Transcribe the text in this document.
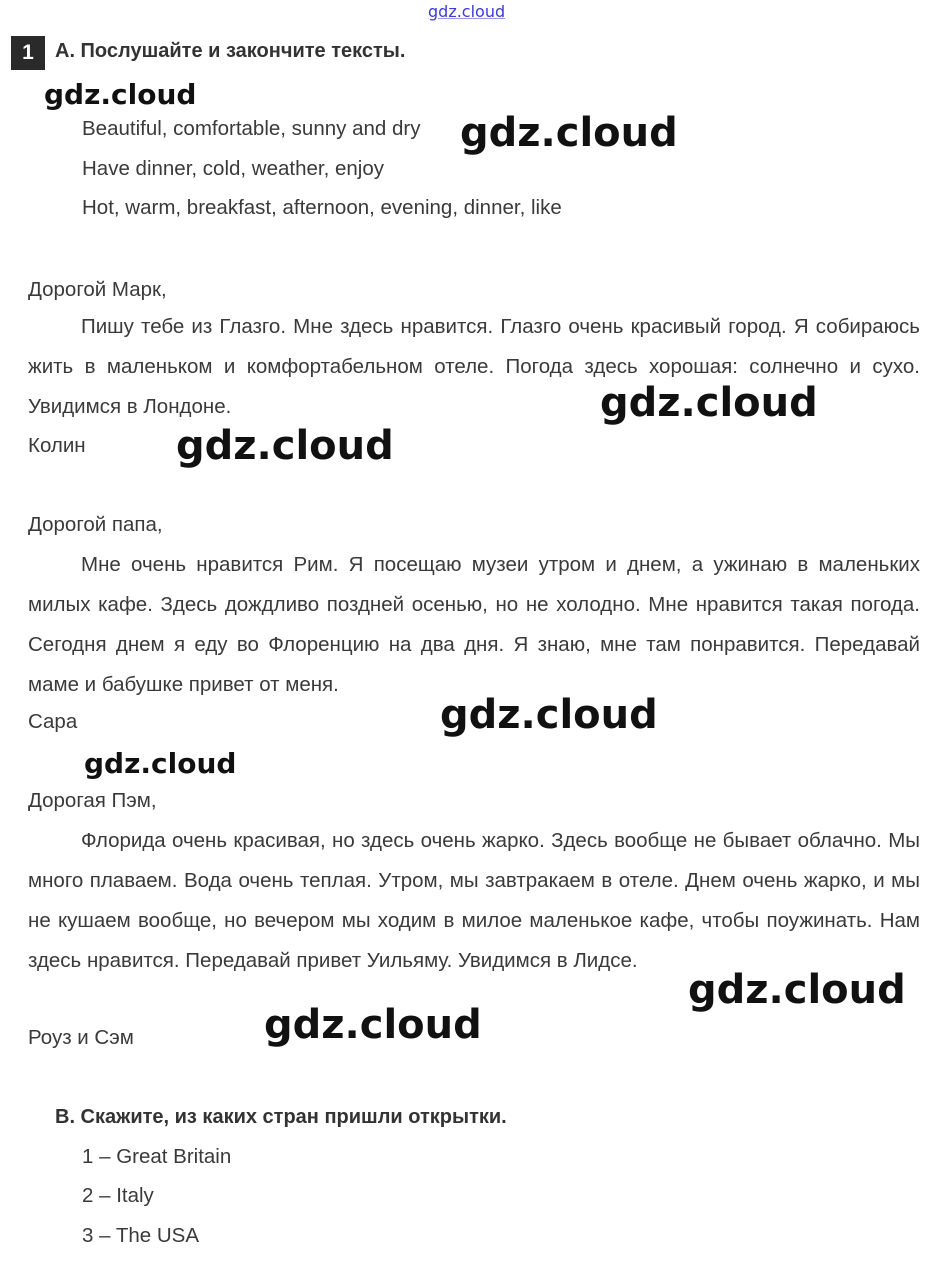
gdz.cloud
1	A. Послушайте и закончите тексты.
Beautiful, comfortable, sunny and dry
Have dinner, cold, weather, enjoy
Hot, warm, breakfast, afternoon, evening, dinner, like
Дорогой Марк,
Пишу тебе из Глазго. Мне здесь нравится. Глазго очень красивый город. Я собираюсь жить в маленьком и комфортабельном отеле. Погода здесь хорошая: солнечно и сухо. Увидимся в Лондоне.
Колин
Дорогой папа,
Мне очень нравится Рим. Я посещаю музеи утром и днем, а ужинаю в маленьких милых кафе. Здесь дождливо поздней осенью, но не холодно. Мне нравится такая погода. Сегодня днем я еду во Флоренцию на два дня. Я знаю, мне там понравится. Передавай маме и бабушке привет от меня.
Сара
Дорогая Пэм,
Флорида очень красивая, но здесь очень жарко. Здесь вообще не бывает облачно. Мы много плаваем. Вода очень теплая. Утром, мы завтракаем в отеле. Днем очень жарко, и мы не кушаем вообще, но вечером мы ходим в милое маленькое кафе, чтобы поужинать. Нам здесь нравится. Передавай привет Уильяму. Увидимся в Лидсе.
Роуз и Сэм
B. Скажите, из каких стран пришли открытки.
1 – Great Britain
2 – Italy
3 – The USA
gdz.cloud
gdz.cloud
gdz.cloud
gdz.cloud
gdz.cloud
gdz.cloud
gdz.cloud
gdz.cloud
